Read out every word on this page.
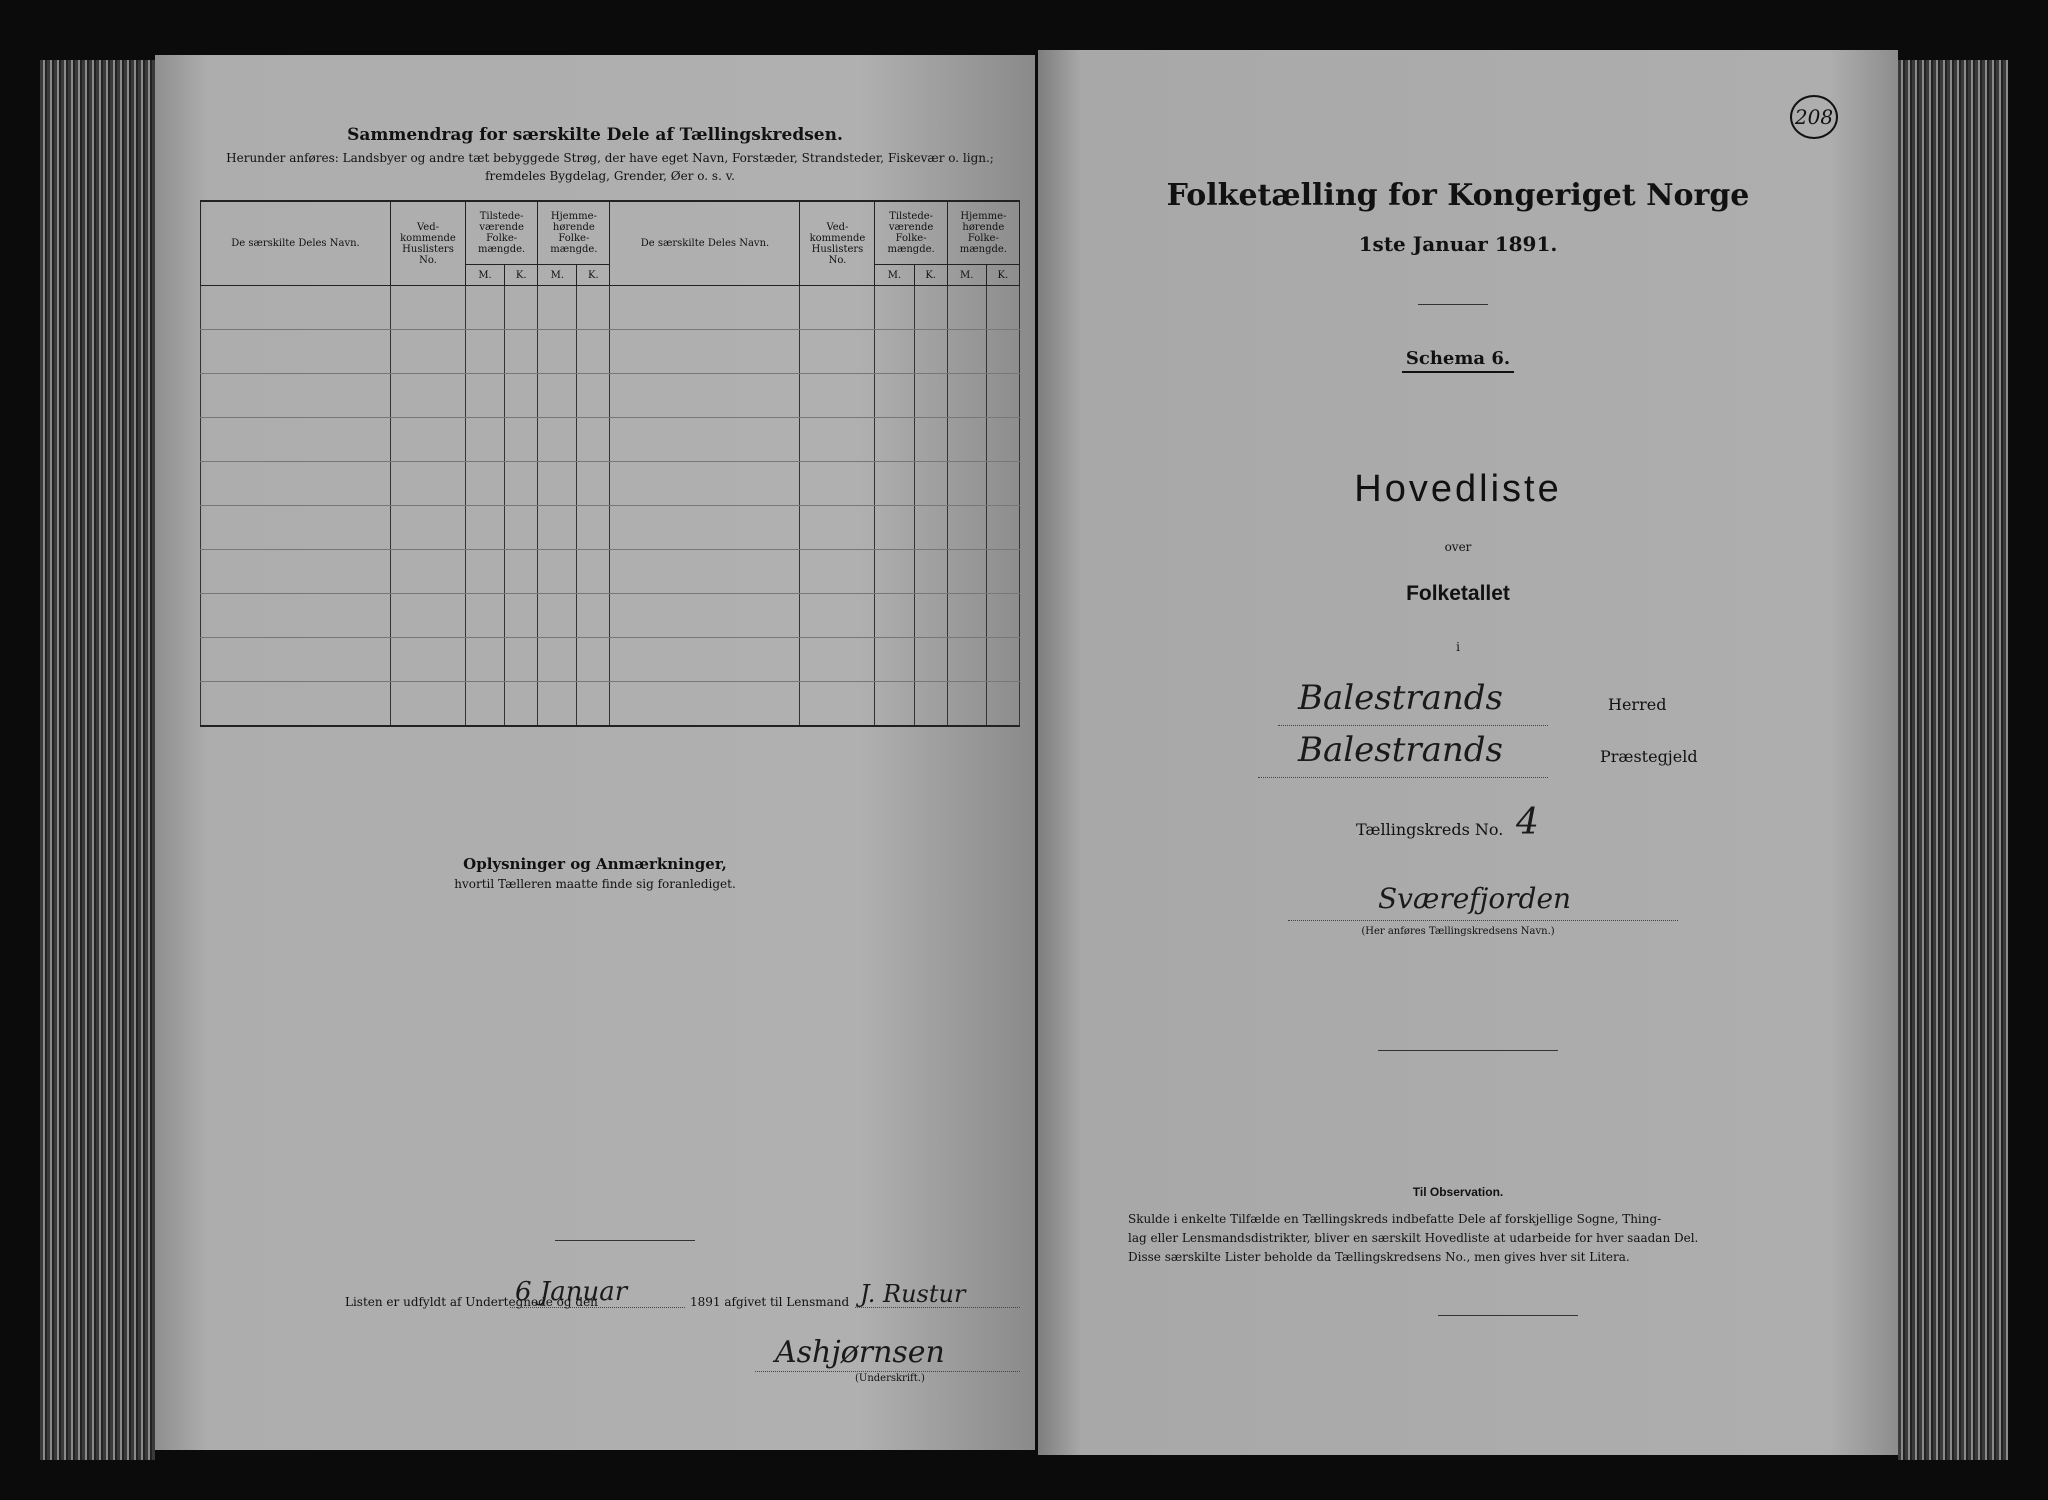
Sammendrag for særskilte Dele af Tællingskredsen.
Herunder anføres: Landsbyer og andre tæt bebyggede Strøg, der have eget Navn, Forstæder, Strandsteder, Fiskevær o. lign.;
fremdeles Bygdelag, Grender, Øer o. s. v.
De særskilte Deles Navn.	Ved-kommende Huslisters No.	Tilstede-værende Folke-mængde.		Hjemme-hørende Folke-mængde.		De særskilte Deles Navn.	Ved-kommende Huslisters No.	Tilstede-værende Folke-mængde.		Hjemme-hørende Folke-mængde.	
		M.	K.	M.	K.			M.	K.	M.	K.

Oplysninger og Anmærkninger,
hvortil Tælleren maatte finde sig foranlediget.
Listen er udfyldt af Undertegnede og den
6 Januar	1891 afgivet til Lensmand J. Rustur
Ashjørnsen
(Underskrift.)
Folketælling for Kongeriget Norge
1ste Januar 1891.
Schema 6.
Hovedliste
over
Folketallet
i
Balestrands	Herred
Balestrands	Præstegjeld
Tællingskreds No. 4
Sværefjorden
(Her anføres Tællingskredsens Navn.)
Til Observation.
Skulde i enkelte Tilfælde en Tællingskreds indbefatte Dele af forskjellige Sogne, Thing-
lag eller Lensmandsdistrikter, bliver en særskilt Hovedliste at udarbeide for hver saadan Del.
Disse særskilte Lister beholde da Tællingskredsens No., men gives hver sit Litera.
208
